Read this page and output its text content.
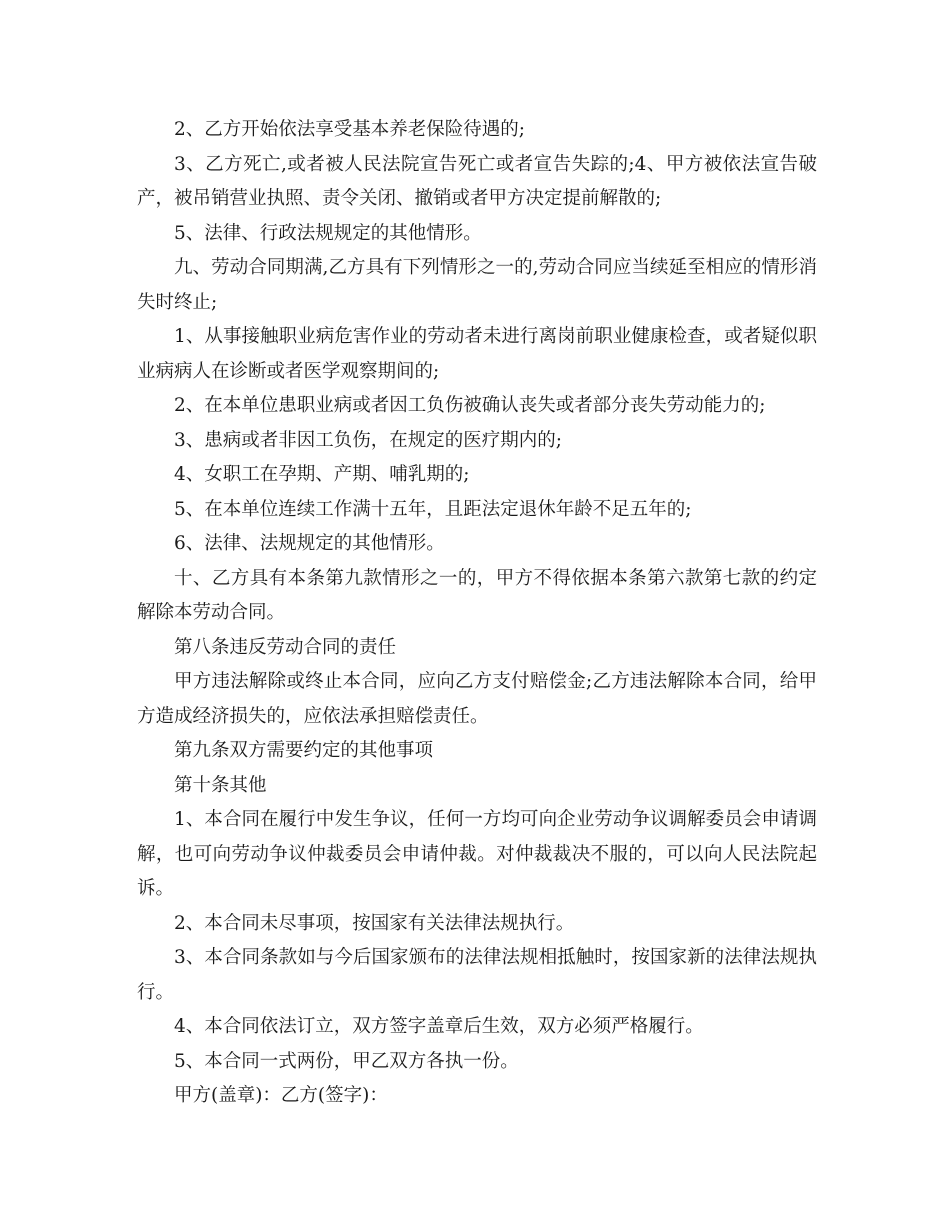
2、乙方开始依法享受基本养老保险待遇的;

3、乙方死亡,或者被人民法院宣告死亡或者宣告失踪的;4、甲方被依法宣告破产，被吊销营业执照、责令关闭、撤销或者甲方决定提前解散的;

5、法律、行政法规规定的其他情形。

九、劳动合同期满,乙方具有下列情形之一的,劳动合同应当续延至相应的情形消失时终止;

1、从事接触职业病危害作业的劳动者未进行离岗前职业健康检查，或者疑似职业病病人在诊断或者医学观察期间的;

2、在本单位患职业病或者因工负伤被确认丧失或者部分丧失劳动能力的;

3、患病或者非因工负伤，在规定的医疗期内的;

4、女职工在孕期、产期、哺乳期的;

5、在本单位连续工作满十五年，且距法定退休年龄不足五年的;

6、法律、法规规定的其他情形。

十、乙方具有本条第九款情形之一的，甲方不得依据本条第六款第七款的约定解除本劳动合同。

第八条违反劳动合同的责任

甲方违法解除或终止本合同，应向乙方支付赔偿金;乙方违法解除本合同，给甲方造成经济损失的，应依法承担赔偿责任。

第九条双方需要约定的其他事项

第十条其他

1、本合同在履行中发生争议，任何一方均可向企业劳动争议调解委员会申请调解，也可向劳动争议仲裁委员会申请仲裁。对仲裁裁决不服的，可以向人民法院起诉。

2、本合同未尽事项，按国家有关法律法规执行。

3、本合同条款如与今后国家颁布的法律法规相抵触时，按国家新的法律法规执行。

4、本合同依法订立，双方签字盖章后生效，双方必须严格履行。

5、本合同一式两份，甲乙双方各执一份。

甲方(盖章)：乙方(签字)：
